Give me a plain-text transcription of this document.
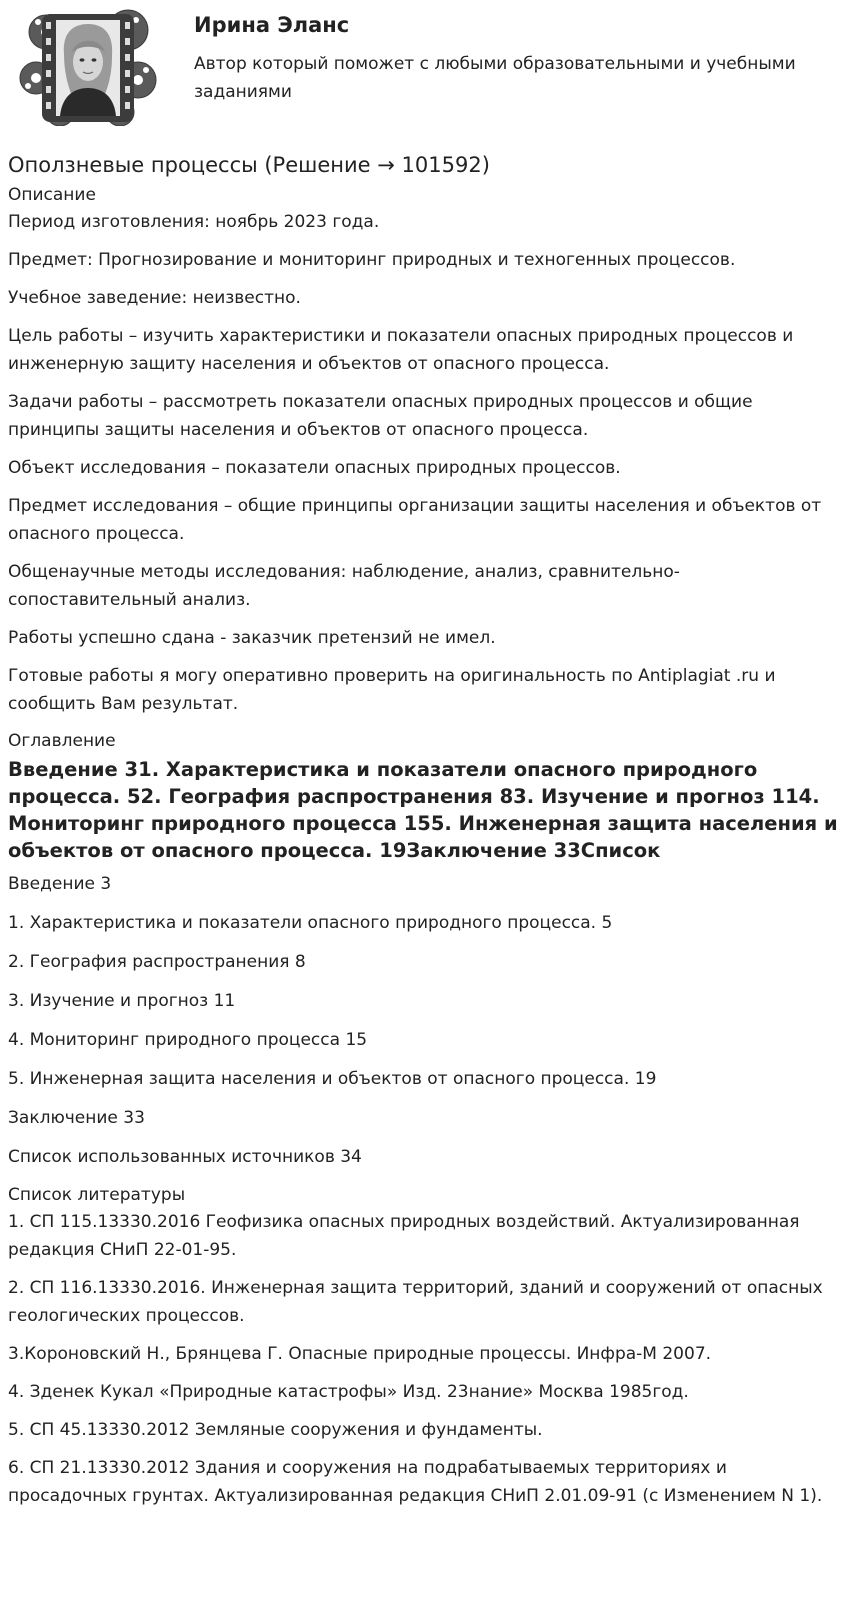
Ирина Эланс

Автор который поможет с любыми образовательными и учебными заданиями

Оползневые процессы (Решение → 101592)

Описание

Период изготовления: ноябрь 2023 года.

Предмет: Прогнозирование и мониторинг природных и техногенных процессов.

Учебное заведение: неизвестно.

Цель работы – изучить характеристики и показатели опасных природных процессов и инженерную защиту населения и объектов от опасного процесса.

Задачи работы – рассмотреть показатели опасных природных процессов и общие принципы защиты населения и объектов от опасного процесса.

Объект исследования – показатели опасных природных процессов.

Предмет исследования – общие принципы организации защиты населения и объектов от опасного процесса.

Общенаучные методы исследования: наблюдение, анализ, сравнительно-сопоставительный анализ.

Работы успешно сдана - заказчик претензий не имел.

Готовые работы я могу оперативно проверить на оригинальность по Antiplagiat .ru и сообщить Вам результат.

Оглавление

Введение 31. Характеристика и показатели опасного природного процесса. 52. География распространения 83. Изучение и прогноз 114. Мониторинг природного процесса 155. Инженерная защита населения и объектов от опасного процесса. 19Заключение 33Список

Введение 3

1. Характеристика и показатели опасного природного процесса. 5

2. География распространения 8

3. Изучение и прогноз 11

4. Мониторинг природного процесса 15

5. Инженерная защита населения и объектов от опасного процесса. 19

Заключение 33

Список использованных источников 34

Список литературы

1. СП 115.13330.2016 Геофизика опасных природных воздействий. Актуализированная редакция СНиП 22-01-95.

2. СП 116.13330.2016. Инженерная защита территорий, зданий и сооружений от опасных геологических процессов.

3.Короновский Н., Брянцева Г. Опасные природные процессы. Инфра-М 2007.

4. Зденек Кукал «Природные катастрофы» Изд. 23нание» Москва 1985год.

5. СП 45.13330.2012 Земляные сооружения и фундаменты.

6. СП 21.13330.2012 Здания и сооружения на подрабатываемых территориях и просадочных грунтах. Актуализированная редакция СНиП 2.01.09-91 (с Изменением N 1).
